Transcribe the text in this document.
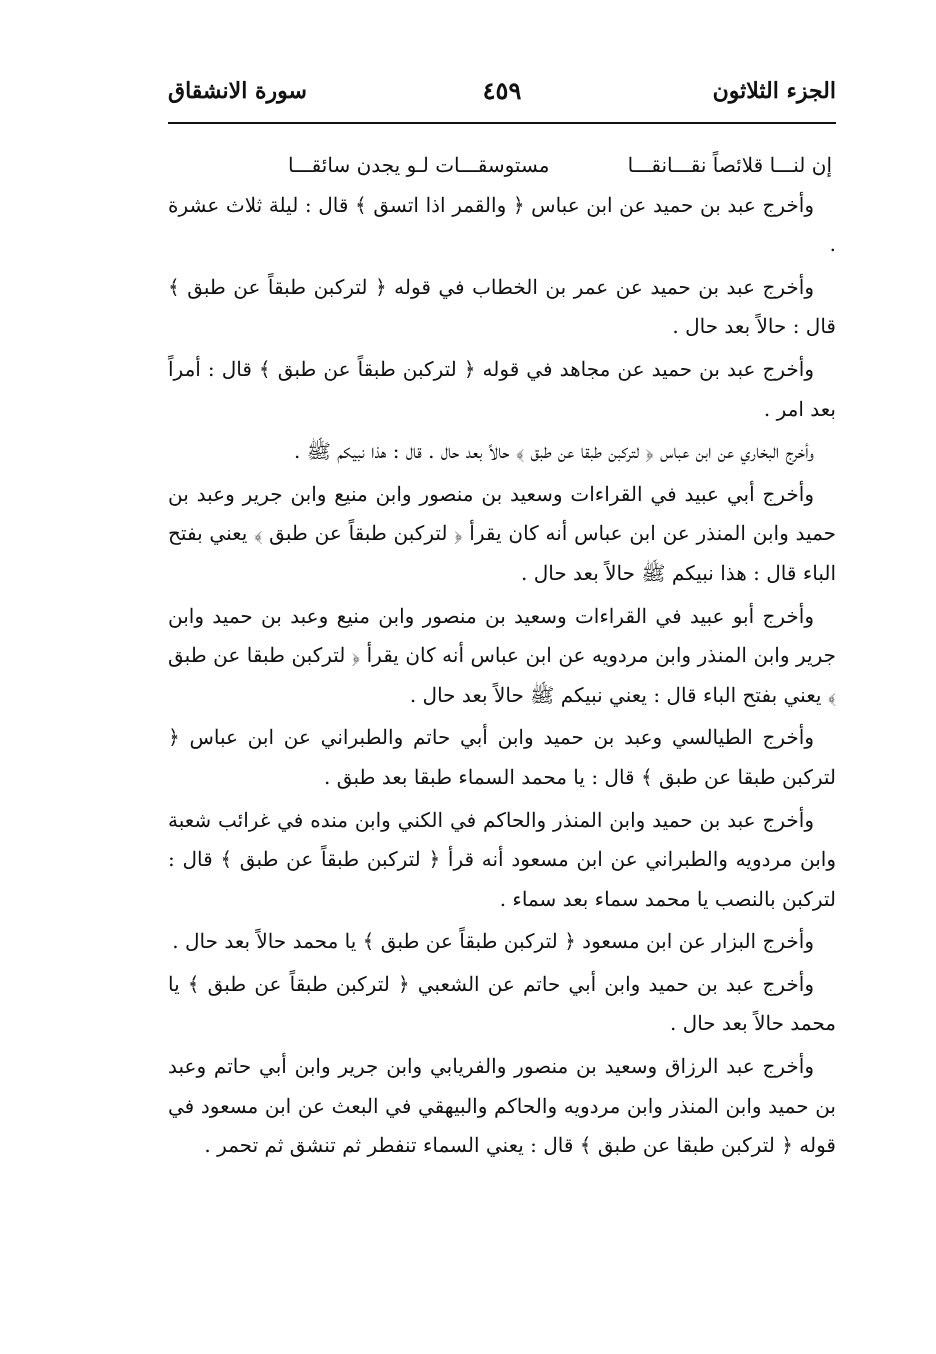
الجزء الثلاثون
٤٥٩
سورة الانشقاق
إن لنـــا قلائصاً نقـــانقـــا
مستوسقـــات لـو يجدن سائقـــا

وأخرج عبد بن حميد عن ابن عباس ﴿ والقمر اذا اتسق ﴾ قال : ليلة ثلاث عشرة .

وأخرج عبد بن حميد عن عمر بن الخطاب في قوله ﴿ لتركبن طبقاً عن طبق ﴾ قال : حالاً بعد حال .

وأخرج عبد بن حميد عن مجاهد في قوله ﴿ لتركبن طبقاً عن طبق ﴾ قال : أمراً بعد امر .

وأخرج البخاري عن ابن عباس ﴿ لتركبن طبقا عن طبق ﴾ حالاً بعد حال . قال : هذا نبيكم ﷺ .

وأخرج أبي عبيد في القراءات وسعيد بن منصور وابن منيع وابن جرير وعبد بن حميد وابن المنذر عن ابن عباس أنه كان يقرأ ﴿ لتركبن طبقاً عن طبق ﴾ يعني بفتح الباء قال : هذا نبيكم ﷺ حالاً بعد حال .

وأخرج أبو عبيد في القراءات وسعيد بن منصور وابن منيع وعبد بن حميد وابن جرير وابن المنذر وابن مردويه عن ابن عباس أنه كان يقرأ ﴿ لتركبن طبقا عن طبق ﴾ يعني بفتح الباء قال : يعني نبيكم ﷺ حالاً بعد حال .

وأخرج الطيالسي وعبد بن حميد وابن أبي حاتم والطبراني عن ابن عباس ﴿ لتركبن طبقا عن طبق ﴾ قال : يا محمد السماء طبقا بعد طبق .

وأخرج عبد بن حميد وابن المنذر والحاكم في الكني وابن منده في غرائب شعبة وابن مردويه والطبراني عن ابن مسعود أنه قرأ ﴿ لتركبن طبقاً عن طبق ﴾ قال : لتركبن بالنصب يا محمد سماء بعد سماء .

وأخرج البزار عن ابن مسعود ﴿ لتركبن طبقاً عن طبق ﴾ يا محمد حالاً بعد حال .

وأخرج عبد بن حميد وابن أبي حاتم عن الشعبي ﴿ لتركبن طبقاً عن طبق ﴾ يا محمد حالاً بعد حال .

وأخرج عبد الرزاق وسعيد بن منصور والفريابي وابن جرير وابن أبي حاتم وعبد بن حميد وابن المنذر وابن مردويه والحاكم والبيهقي في البعث عن ابن مسعود في قوله ﴿ لتركبن طبقا عن طبق ﴾ قال : يعني السماء تنفطر ثم تنشق ثم تحمر .
